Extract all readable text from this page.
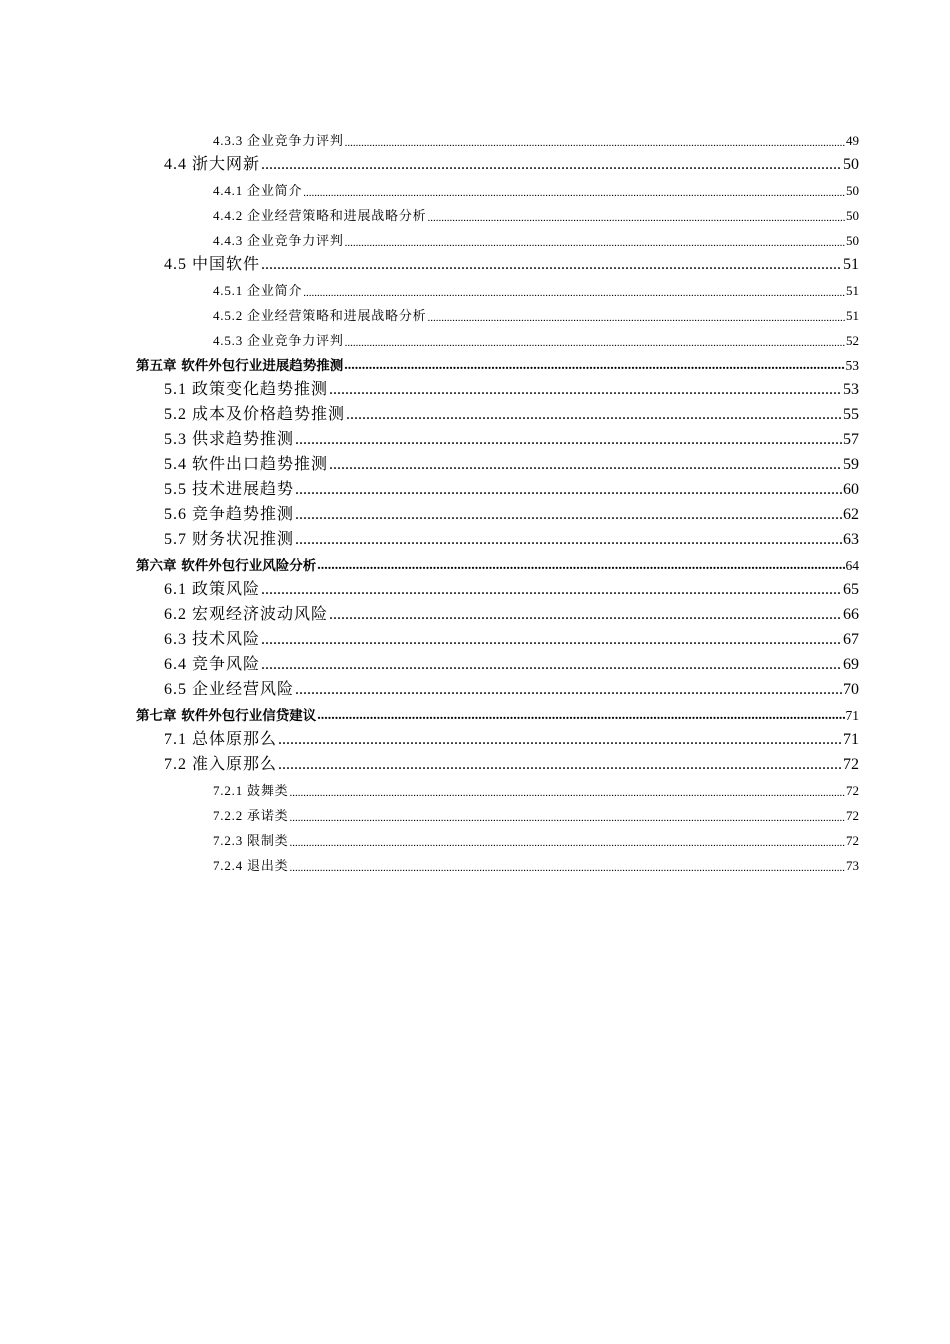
4.3.3 企业竞争力评判 .....	49
4.4 浙大网新 .....	50
4.4.1 企业简介 .....	50
4.4.2 企业经营策略和进展战略分析 .....	50
4.4.3 企业竞争力评判 .....	50
4.5 中国软件 .....	51
4.5.1 企业简介 .....	51
4.5.2 企业经营策略和进展战略分析 .....	51
4.5.3 企业竞争力评判 .....	52
第五章 软件外包行业进展趋势推测 .....	53
5.1 政策变化趋势推测 .....	53
5.2 成本及价格趋势推测 .....	55
5.3 供求趋势推测 .....	57
5.4 软件出口趋势推测 .....	59
5.5 技术进展趋势 .....	60
5.6 竞争趋势推测 .....	62
5.7 财务状况推测 .....	63
第六章 软件外包行业风险分析 .....	64
6.1 政策风险 .....	65
6.2 宏观经济波动风险 .....	66
6.3 技术风险 .....	67
6.4 竞争风险 .....	69
6.5 企业经营风险 .....	70
第七章 软件外包行业信贷建议 .....	71
7.1 总体原那么 .....	71
7.2 准入原那么 .....	72
7.2.1 鼓舞类 .....	72
7.2.2 承诺类 .....	72
7.2.3 限制类 .....	72
7.2.4 退出类 .....	73
